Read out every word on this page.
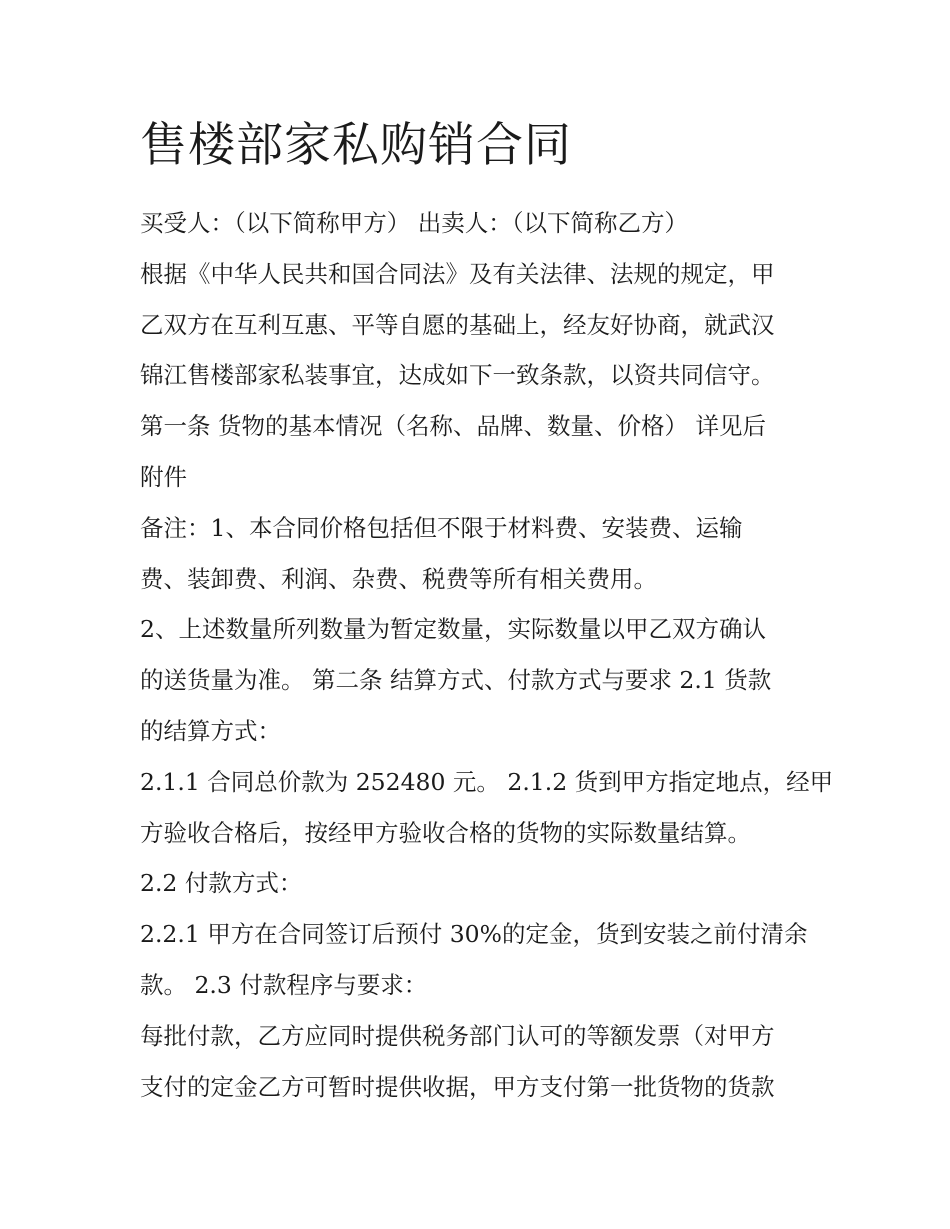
售楼部家私购销合同
买受人：（以下简称甲方） 出卖人：（以下简称乙方）
根据《中华人民共和国合同法》及有关法律、法规的规定，甲
乙双方在互利互惠、平等自愿的基础上，经友好协商，就武汉
锦江售楼部家私装事宜，达成如下一致条款，以资共同信守。
第一条 货物的基本情况（名称、品牌、数量、价格） 详见后
附件
备注：1、本合同价格包括但不限于材料费、安装费、运输
费、装卸费、利润、杂费、税费等所有相关费用。
2、上述数量所列数量为暂定数量，实际数量以甲乙双方确认
的送货量为准。 第二条 结算方式、付款方式与要求 2.1 货款
的结算方式：
2.1.1 合同总价款为 252480 元。 2.1.2 货到甲方指定地点，经甲
方验收合格后，按经甲方验收合格的货物的实际数量结算。
2.2 付款方式：
2.2.1 甲方在合同签订后预付 30%的定金，货到安装之前付清余
款。 2.3 付款程序与要求：
每批付款，乙方应同时提供税务部门认可的等额发票（对甲方
支付的定金乙方可暂时提供收据，甲方支付第一批货物的货款
